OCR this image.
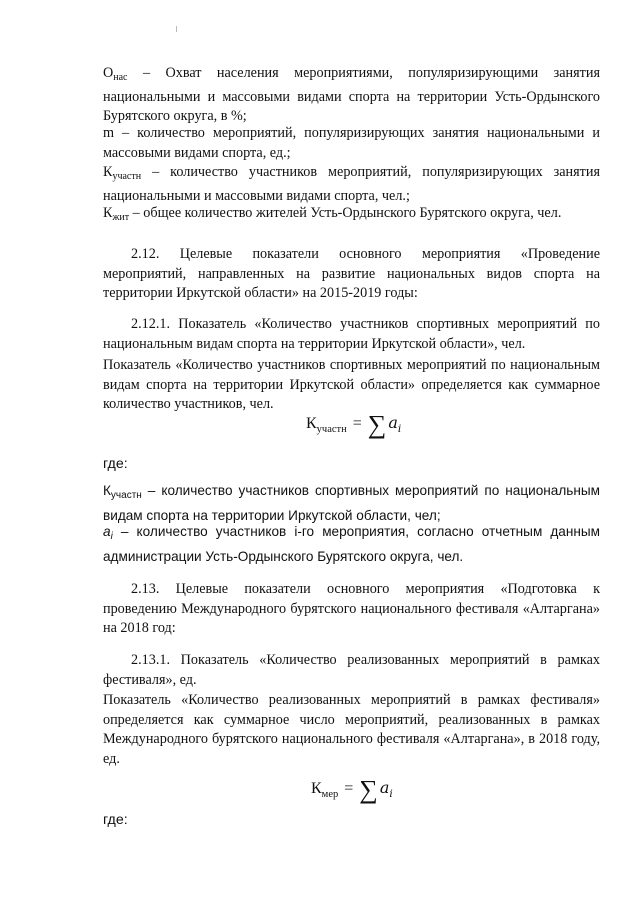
$О_{нас}$ – Охват населения мероприятиями, популяризирующими занятия национальными и массовыми видами спорта на территории Усть-Ордынского Бурятского округа, в %;
m – количество мероприятий, популяризирующих занятия национальными и массовыми видами спорта, ед.;
$К_{участн}$ – количество участников мероприятий, популяризирующих занятия национальными и массовыми видами спорта, чел.;
$К_{жит}$ – общее количество жителей Усть-Ордынского Бурятского округа, чел.
2.12. Целевые показатели основного мероприятия «Проведение мероприятий, направленных на развитие национальных видов спорта на территории Иркутской области» на 2015-2019 годы:
2.12.1. Показатель «Количество участников спортивных мероприятий по национальным видам спорта на территории Иркутской области», чел.
Показатель «Количество участников спортивных мероприятий по национальным видам спорта на территории Иркутской области» определяется как суммарное количество участников, чел.
$К_{участн}$ = ∑ $a_i$
где:
$К_{участн}$ – количество участников спортивных мероприятий по национальным видам спорта на территории Иркутской области, чел;
$a_i$ – количество участников i-го мероприятия, согласно отчетным данным администрации Усть-Ордынского Бурятского округа, чел.
2.13. Целевые показатели основного мероприятия «Подготовка к проведению Международного бурятского национального фестиваля «Алтаргана» на 2018 год:
2.13.1. Показатель «Количество реализованных мероприятий в рамках фестиваля», ед.
Показатель «Количество реализованных мероприятий в рамках фестиваля» определяется как суммарное число мероприятий, реализованных в рамках Международного бурятского национального фестиваля «Алтаргана», в 2018 году, ед.
$К_{мер}$ = ∑ $a_i$
где:
